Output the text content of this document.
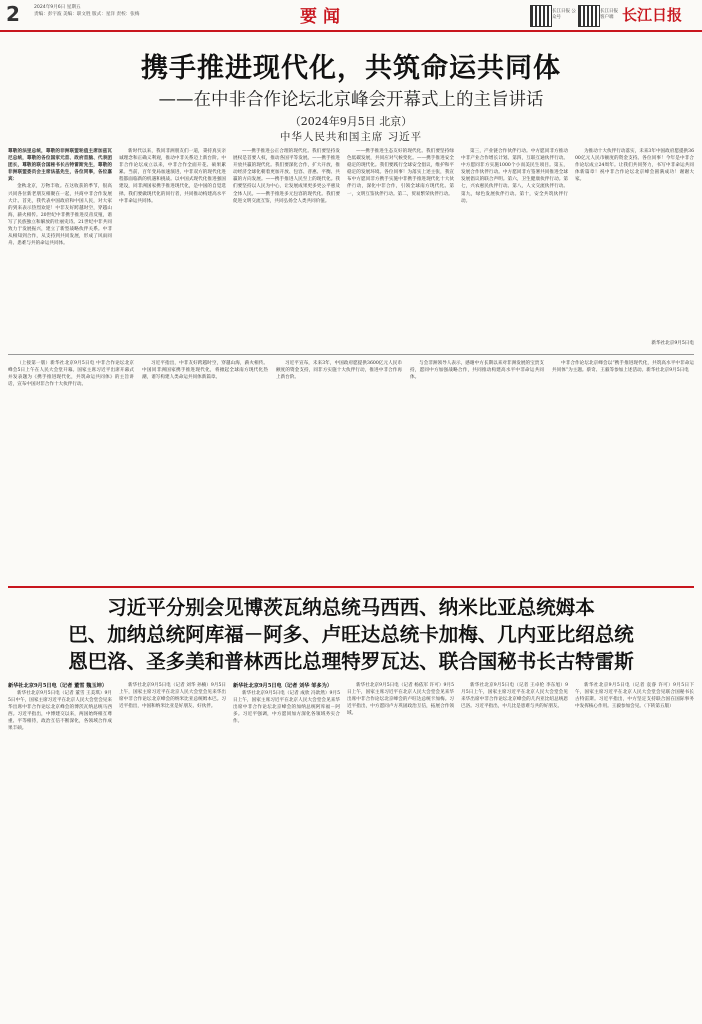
2	2024年9月6日 星期五
责编：彭宇波 美编：职文胜 版式：星洋 责校：张梅	要闻	长江日报 公众号
长江日报 客户端 长江日报
携手推进现代化，共筑命运共同体
——在中非合作论坛北京峰会开幕式上的主旨讲话
（2024年9月5日 北京）
中华人民共和国主席 习近平

尊敬的法里总统，尊敬的非洲联盟轮值主席加兹瓦尼总统，尊敬的各位国家元首、政府首脑、代表团团长，尊敬的联合国秘书长古特雷斯先生，尊敬的非洲联盟委员会主席法基先生，各位同事，各位嘉宾：

金秋北京，万物丰收。在这收获的季节，很高兴同各位新老朋友相聚在一起，共商中非合作发展大计。首先，我代表中国政府和中国人民，对大家的到来表示热烈欢迎！中非友好跨越时空，穿越山海，薪火相传。20世纪中非携手推进反帝反殖，谱写了民族独立和解放的壮丽史诗。21世纪中非共同致力于发展振兴，建立了新型战略伙伴关系。中非从相知到合作，从支持到共同发展，形成了风雨同舟、患难与共的命运共同体。

新时代以来，我同非洲朋友们一道，秉持真实亲诚理念和正确义利观，推动中非关系迈上新台阶。中非合作论坛成立以来，中非合作全面开花、硕果累累。当前，百年变局加速演进，中非双方的现代化进程都面临新的机遇和挑战。以中国式现代化推进强国建设，同非洲国家携手推进现代化，是中国的自觉选择。我们要做现代化的同行者，共同推动构建高水平中非命运共同体。

——携手推进公正合理的现代化。我们要坚持发展权是首要人权，推动各国平等发展。——携手推进开放共赢的现代化。我们要深化合作，扩大开放，推动经济全球化朝着更加开放、包容、普惠、平衡、共赢的方向发展。——携手推进人民至上的现代化。我们要坚持以人民为中心，让发展成果更多更公平惠及全体人民。——携手推进多元包容的现代化。我们要促进文明交流互鉴，共同弘扬全人类共同价值。

——携手推进生态友好的现代化。我们要坚持绿色低碳发展，共同应对气候变化。——携手推进安全稳定的现代化。我们要践行全球安全倡议，维护和平稳定的发展环境。各位同事！为落实上述主张，我宣布中方愿同非方携手实施中非携手推进现代化十大伙伴行动，深化中非合作，引领全球南方现代化。第一，文明互鉴伙伴行动。第二，贸易繁荣伙伴行动。

第三，产业链合作伙伴行动。中方愿同非方推动中非产业合作增长计划。第四，互联互通伙伴行动。中方愿同非方实施1000个小而美民生项目。第五，发展合作伙伴行动。中方愿同非方签署共同推进全球发展倡议的联合声明。第六，卫生健康伙伴行动。第七，兴农惠民伙伴行动。第八，人文交流伙伴行动。第九，绿色发展伙伴行动。第十，安全共筑伙伴行动。

为推动十大伙伴行动落实，未来3年中国政府愿提供3600亿元人民币额度的资金支持。各位同事！今年是中非合作论坛成立24周年。让我们共同努力，书写中非命运共同体新篇章！祝中非合作论坛北京峰会圆满成功！谢谢大家。

新华社北京9月5日电

（上接第一版）新华社北京9月5日电 中非合作论坛北京峰会5日上午在人民大会堂开幕。国家主席习近平出席开幕式并发表题为《携手推进现代化，共筑命运共同体》的主旨讲话，宣布中国对非合作十大伙伴行动。

习近平指出，中非友好跨越时空，穿越山海，薪火相传。中国同非洲国家携手推进现代化，将掀起全球南方现代化热潮，谱写构建人类命运共同体新篇章。

习近平宣布，未来3年，中国政府愿提供3600亿元人民币额度的资金支持，同非方实施十大伙伴行动，推进中非合作再上新台阶。

与会非洲领导人表示，感谢中方长期以来对非洲发展的宝贵支持，愿同中方加强战略合作，共同推动构建高水平中非命运共同体。

中非合作论坛北京峰会以“携手推进现代化，共筑高水平中非命运共同体”为主题。蔡奇、王毅等参加上述活动。新华社北京9月5日电

习近平分别会见博茨瓦纳总统马西西、纳米比亚总统姆本
巴、加纳总统阿库福－阿多、卢旺达总统卡加梅、几内亚比绍总统
恩巴洛、圣多美和普林西比总理特罗瓦达、联合国秘书长古特雷斯
新华社北京9月5日电（记者 董雪 魏玉坤）

新华社北京9月5日电（记者 董雪 王美琪）9月5日中午，国家主席习近平在北京人民大会堂会见来华出席中非合作论坛北京峰会的博茨瓦纳总统马西西。习近平指出，中博建交以来，两国始终相互尊重、平等相待，政治互信不断深化，各领域合作成果丰硕。

新华社北京9月5日电（记者 刘华 孙楠）9月5日上午，国家主席习近平在北京人民大会堂会见来华出席中非合作论坛北京峰会的纳米比亚总统姆本巴。习近平指出，中国和纳米比亚是好朋友、好伙伴。

新华社北京9月5日电（记者 刘华 邹多为）

新华社北京9月5日电（记者 成欣 冯歆然）9月5日上午，国家主席习近平在北京人民大会堂会见来华出席中非合作论坛北京峰会的加纳总统阿库福－阿多。习近平强调，中方愿同加方深化各领域务实合作。

新华社北京9月5日电（记者 杨依军 许可）9月5日上午，国家主席习近平在北京人民大会堂会见来华出席中非合作论坛北京峰会的卢旺达总统卡加梅。习近平指出，中方愿同卢方巩固政治互信，拓展合作领域。

新华社北京9月5日电（记者 王卓伦 李东旭）9月5日上午，国家主席习近平在北京人民大会堂会见来华出席中非合作论坛北京峰会的几内亚比绍总统恩巴洛。习近平指出，中几比是患难与共的好朋友。

新华社北京9月5日电（记者 袁睿 许可）9月5日下午，国家主席习近平在北京人民大会堂会见联合国秘书长古特雷斯。习近平指出，中方坚定支持联合国在国际事务中发挥核心作用。王毅参加会见。（下转第五版）
